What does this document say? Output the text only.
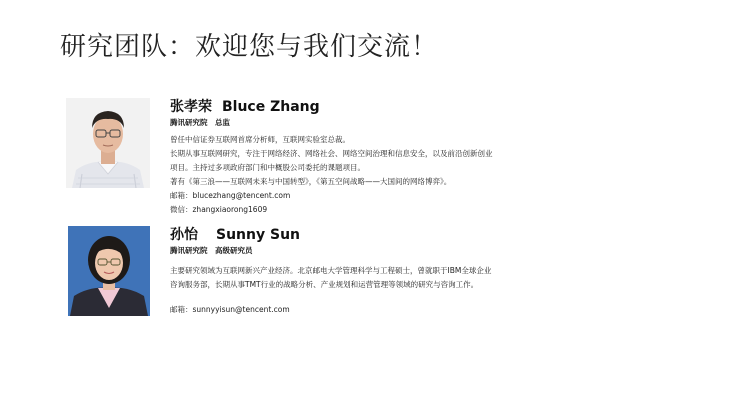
研究团队：欢迎您与我们交流！
张孝荣 Bluce Zhang
腾讯研究院　总监
曾任中信证券互联网首席分析师，互联网实验室总裁。
长期从事互联网研究，专注于网络经济、网络社会、网络空间治理和信息安全，以及前沿创新创业
项目。主持过多项政府部门和中概股公司委托的课题项目。
著有《第三浪——互联网未来与中国转型》，《第五空间战略——大国间的网络博弈》。
邮箱：blucezhang@tencent.com
微信：zhangxiaorong1609
孙怡 Sunny Sun
腾讯研究院　高级研究员
主要研究领域为互联网新兴产业经济。北京邮电大学管理科学与工程硕士，曾就职于IBM全球企业
咨询服务部，长期从事TMT行业的战略分析、产业规划和运营管理等领域的研究与咨询工作。
邮箱：sunnyyisun@tencent.com
